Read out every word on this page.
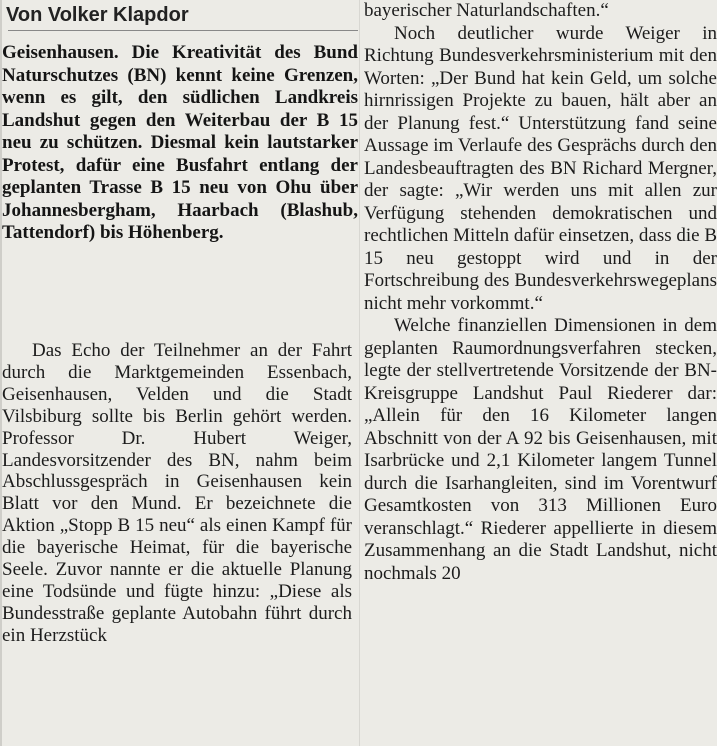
Von Volker Klapdor

Geisenhausen. Die Kreativität des Bund Naturschutzes (BN) kennt keine Grenzen, wenn es gilt, den südlichen Landkreis Landshut gegen den Weiterbau der B 15 neu zu schützen. Diesmal kein lautstarker Protest, dafür eine Busfahrt entlang der geplanten Trasse B 15 neu von Ohu über Johannesbergham, Haarbach (Blashub, Tattendorf) bis Höhenberg.

Das Echo der Teilnehmer an der Fahrt durch die Marktgemeinden Essenbach, Geisenhausen, Velden und die Stadt Vilsbiburg sollte bis Berlin gehört werden. Professor Dr. Hubert Weiger, Landesvorsitzender des BN, nahm beim Abschlussgespräch in Geisenhausen kein Blatt vor den Mund. Er bezeichnete die Aktion „Stopp B 15 neu“ als einen Kampf für die bayerische Heimat, für die bayerische Seele. Zuvor nannte er die aktuelle Planung eine Todsünde und fügte hinzu: „Diese als Bundesstraße geplante Autobahn führt durch ein Herzstück

bayerischer Naturlandschaften.“

Noch deutlicher wurde Weiger in Richtung Bundesverkehrsministerium mit den Worten: „Der Bund hat kein Geld, um solche hirnrissigen Projekte zu bauen, hält aber an der Planung fest.“ Unterstützung fand seine Aussage im Verlaufe des Gesprächs durch den Landesbeauftragten des BN Richard Mergner, der sagte: „Wir werden uns mit allen zur Verfügung stehenden demokratischen und rechtlichen Mitteln dafür einsetzen, dass die B 15 neu gestoppt wird und in der Fortschreibung des Bundesverkehrswegeplans nicht mehr vorkommt.“

Welche finanziellen Dimensionen in dem geplanten Raumordnungsverfahren stecken, legte der stellvertretende Vorsitzende der BN-Kreisgruppe Landshut Paul Riederer dar: „Allein für den 16 Kilometer langen Abschnitt von der A 92 bis Geisenhausen, mit Isarbrücke und 2,1 Kilometer langem Tunnel durch die Isarhangleiten, sind im Vorentwurf Gesamtkosten von 313 Millionen Euro veranschlagt.“ Riederer appellierte in diesem Zusammenhang an die Stadt Landshut, nicht nochmals 20
